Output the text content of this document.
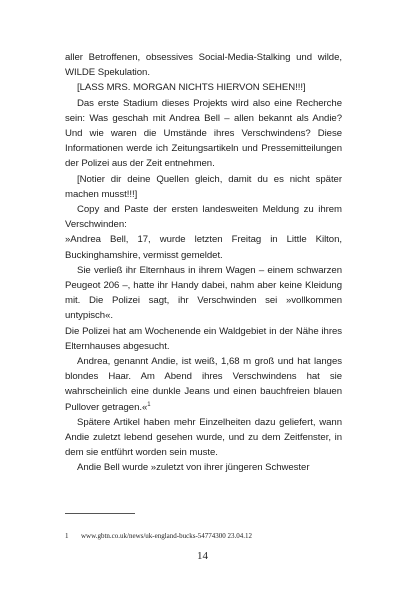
aller Betroffenen, obsessives Social-Media-Stalking und wilde, WILDE Spekulation.

[LASS MRS. MORGAN NICHTS HIERVON SEHEN!!!]

Das erste Stadium dieses Projekts wird also eine Recherche sein: Was geschah mit Andrea Bell – allen bekannt als Andie? Und wie waren die Umstände ihres Verschwindens? Diese Informationen werde ich Zeitungsartikeln und Pressemitteilungen der Polizei aus der Zeit entnehmen.

[Notier dir deine Quellen gleich, damit du es nicht später machen musst!!!]

Copy and Paste der ersten landesweiten Meldung zu ihrem Verschwinden:

»Andrea Bell, 17, wurde letzten Freitag in Little Kilton, Buckinghamshire, vermisst gemeldet.

Sie verließ ihr Elternhaus in ihrem Wagen – einem schwarzen Peugeot 206 –, hatte ihr Handy dabei, nahm aber keine Kleidung mit. Die Polizei sagt, ihr Verschwinden sei »vollkommen untypisch«.

Die Polizei hat am Wochenende ein Waldgebiet in der Nähe ihres Elternhauses abgesucht.

Andrea, genannt Andie, ist weiß, 1,68 m groß und hat langes blondes Haar. Am Abend ihres Verschwindens hat sie wahrscheinlich eine dunkle Jeans und einen bauchfreien blauen Pullover getragen.«$^1$

Spätere Artikel haben mehr Einzelheiten dazu geliefert, wann Andie zuletzt lebend gesehen wurde, und zu dem Zeitfenster, in dem sie entführt worden sein muste.

Andie Bell wurde »zuletzt von ihrer jüngeren Schwester

1 www.gbtn.co.uk/news/uk-england-bucks-54774300 23.04.12
14
